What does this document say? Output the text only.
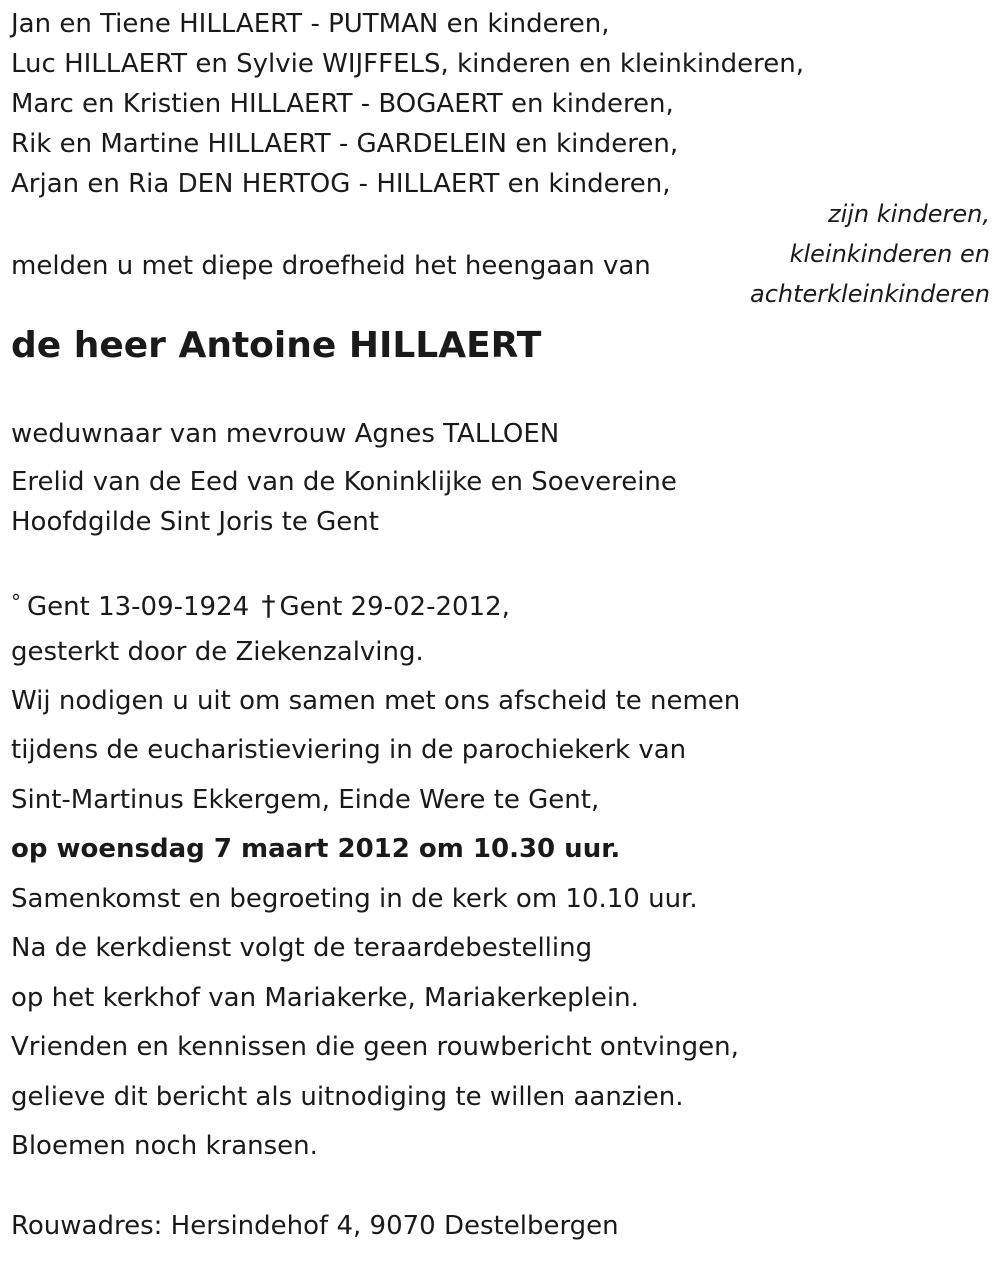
Jan en Tiene HILLAERT - PUTMAN en kinderen,
Luc HILLAERT en Sylvie WIJFFELS, kinderen en kleinkinderen,
Marc en Kristien HILLAERT - BOGAERT en kinderen,
Rik en Martine HILLAERT - GARDELEIN en kinderen,
Arjan en Ria DEN HERTOG - HILLAERT en kinderen,
zijn kinderen,
kleinkinderen en
achterkleinkinderen
melden u met diepe droefheid het heengaan van
de heer Antoine HILLAERT
weduwnaar van mevrouw Agnes TALLOEN
Erelid van de Eed van de Koninklijke en Soevereine
Hoofdgilde Sint Joris te Gent
° Gent 13-09-1924 † Gent 29-02-2012,
gesterkt door de Ziekenzalving.
Wij nodigen u uit om samen met ons afscheid te nemen
tijdens de eucharistieviering in de parochiekerk van
Sint-Martinus Ekkergem, Einde Were te Gent,
op woensdag 7 maart 2012 om 10.30 uur.
Samenkomst en begroeting in de kerk om 10.10 uur.
Na de kerkdienst volgt de teraardebestelling
op het kerkhof van Mariakerke, Mariakerkeplein.
Vrienden en kennissen die geen rouwbericht ontvingen,
gelieve dit bericht als uitnodiging te willen aanzien.
Bloemen noch kransen.
Rouwadres: Hersindehof 4, 9070 Destelbergen
